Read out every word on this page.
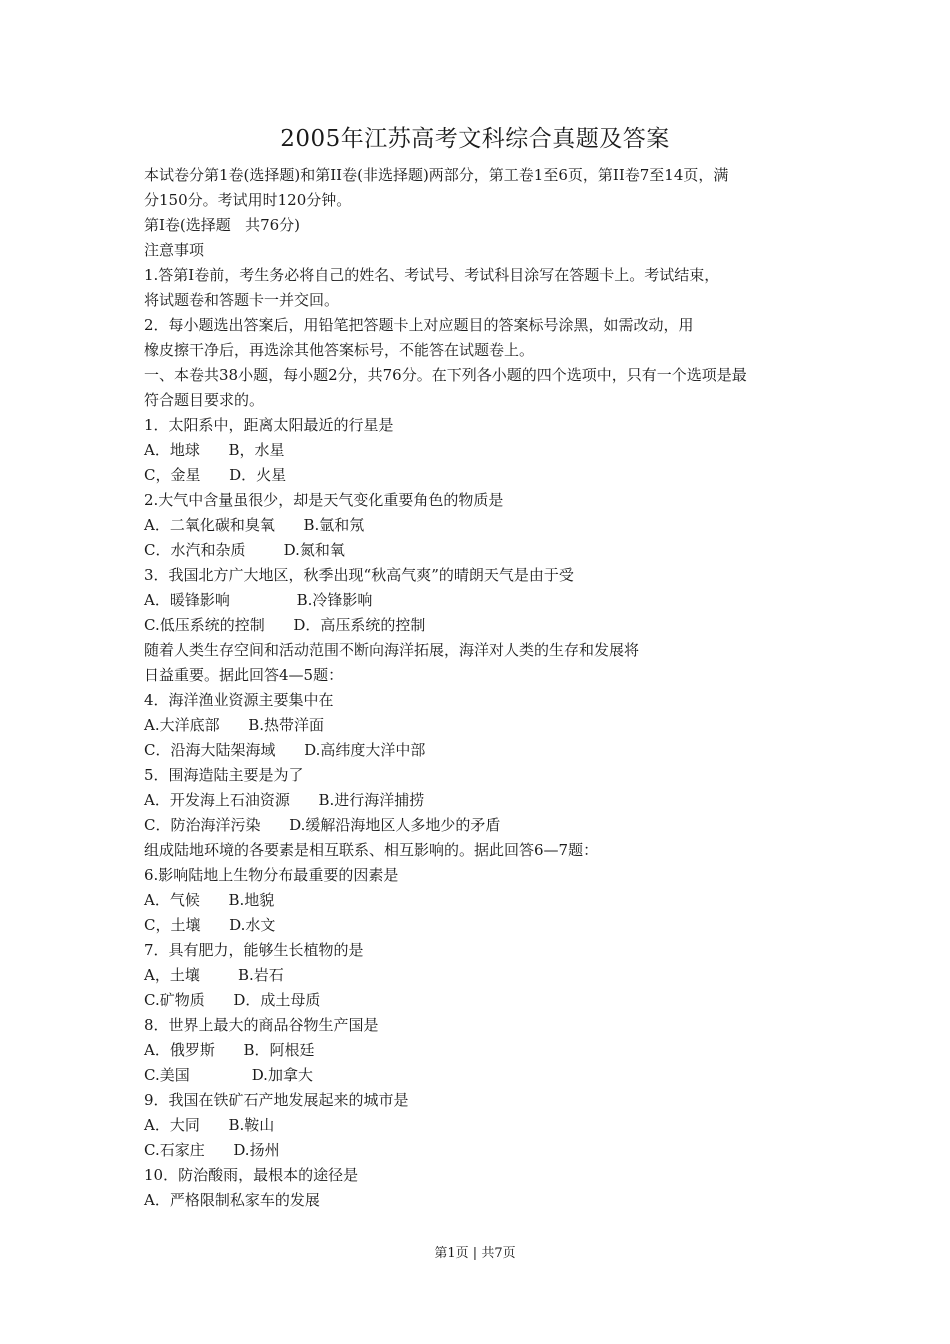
2005年江苏高考文科综合真题及答案
本试卷分第1卷(选择题)和第II卷(非选择题)两部分，第工卷1至6页，第II卷7至14页，满
分150分。考试用时120分钟。
第Ⅰ卷(选择题   共76分)
注意事项
1.答第Ⅰ卷前，考生务必将自己的姓名、考试号、考试科目涂写在答题卡上。考试结束，
将试题卷和答题卡一并交回。
2．每小题选出答案后，用铅笔把答题卡上对应题目的答案标号涂黑，如需改动，用
橡皮擦干净后，再选涂其他答案标号，不能答在试题卷上。
一、本卷共38小题，每小题2分，共76分。在下列各小题的四个选项中，只有一个选项是最
符合题目要求的。
1．太阳系中，距离太阳最近的行星是
A．地球      B，水星
C，金星      D．火星
2.大气中含量虽很少，却是天气变化重要角色的物质是
A．二氧化碳和臭氧      B.氩和氖
C．水汽和杂质        D.氮和氧
3．我国北方广大地区，秋季出现“秋高气爽”的晴朗天气是由于受
A．暖锋影响              B.冷锋影响
C.低压系统的控制      D．高压系统的控制
随着人类生存空间和活动范围不断向海洋拓展，海洋对人类的生存和发展将
日益重要。据此回答4—5题：
4．海洋渔业资源主要集中在
A.大洋底部      B.热带洋面
C．沿海大陆架海域      D.高纬度大洋中部
5．围海造陆主要是为了
A．开发海上石油资源      B.进行海洋捕捞
C．防治海洋污染      D.缓解沿海地区人多地少的矛盾
组成陆地环境的各要素是相互联系、相互影响的。据此回答6—7题：
6.影响陆地上生物分布最重要的因素是
A．气候      B.地貌
C，土壤      D.水文
7．具有肥力，能够生长植物的是
A，土壤        B.岩石
C.矿物质      D．成土母质
8．世界上最大的商品谷物生产国是
A．俄罗斯      B．阿根廷
C.美国             D.加拿大
9．我国在铁矿石产地发展起来的城市是
A．大同      B.鞍山
C.石家庄      D.扬州
10．防治酸雨，最根本的途径是
A．严格限制私家车的发展
第1页 | 共7页
